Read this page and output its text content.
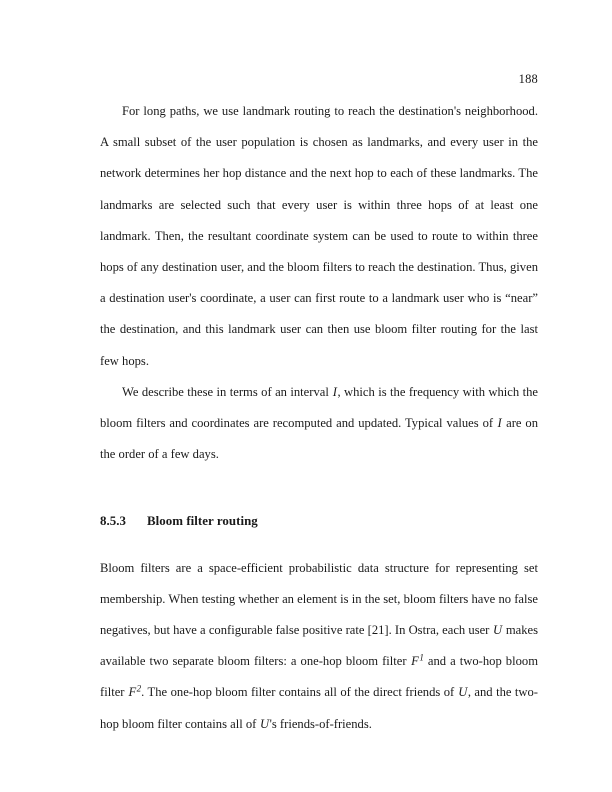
188

For long paths, we use landmark routing to reach the destination's neighborhood. A small subset of the user population is chosen as landmarks, and every user in the network determines her hop distance and the next hop to each of these landmarks. The landmarks are selected such that every user is within three hops of at least one landmark. Then, the resultant coordinate system can be used to route to within three hops of any destination user, and the bloom filters to reach the destination. Thus, given a destination user's coordinate, a user can first route to a landmark user who is “near” the destination, and this landmark user can then use bloom filter routing for the last few hops.

We describe these in terms of an interval I, which is the frequency with which the bloom filters and coordinates are recomputed and updated. Typical values of I are on the order of a few days.

8.5.3 Bloom filter routing

Bloom filters are a space-efficient probabilistic data structure for representing set membership. When testing whether an element is in the set, bloom filters have no false negatives, but have a configurable false positive rate [21]. In Ostra, each user U makes available two separate bloom filters: a one-hop bloom filter $F^1$ and a two-hop bloom filter $F^2$. The one-hop bloom filter contains all of the direct friends of U, and the two-hop bloom filter contains all of U's friends-of-friends.
